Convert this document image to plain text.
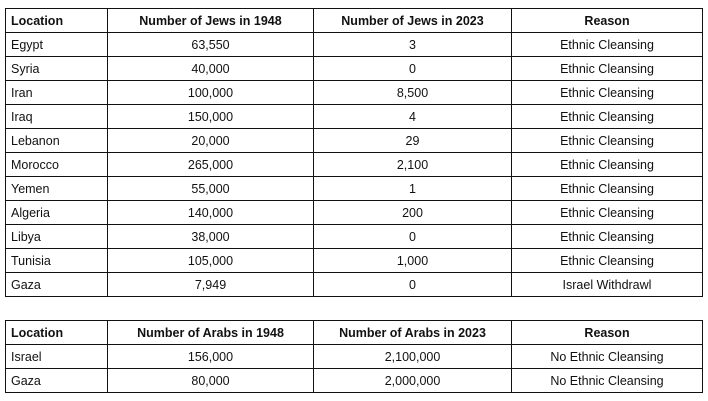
Location	Number of Jews in 1948	Number of Jews in 2023	Reason
Egypt	63,550	3	Ethnic Cleansing
Syria	40,000	0	Ethnic Cleansing
Iran	100,000	8,500	Ethnic Cleansing
Iraq	150,000	4	Ethnic Cleansing
Lebanon	20,000	29	Ethnic Cleansing
Morocco	265,000	2,100	Ethnic Cleansing
Yemen	55,000	1	Ethnic Cleansing
Algeria	140,000	200	Ethnic Cleansing
Libya	38,000	0	Ethnic Cleansing
Tunisia	105,000	1,000	Ethnic Cleansing
Gaza	7,949	0	Israel Withdrawl
Location	Number of Arabs in 1948	Number of Arabs in 2023	Reason
Israel	156,000	2,100,000	No Ethnic Cleansing
Gaza	80,000	2,000,000	No Ethnic Cleansing
